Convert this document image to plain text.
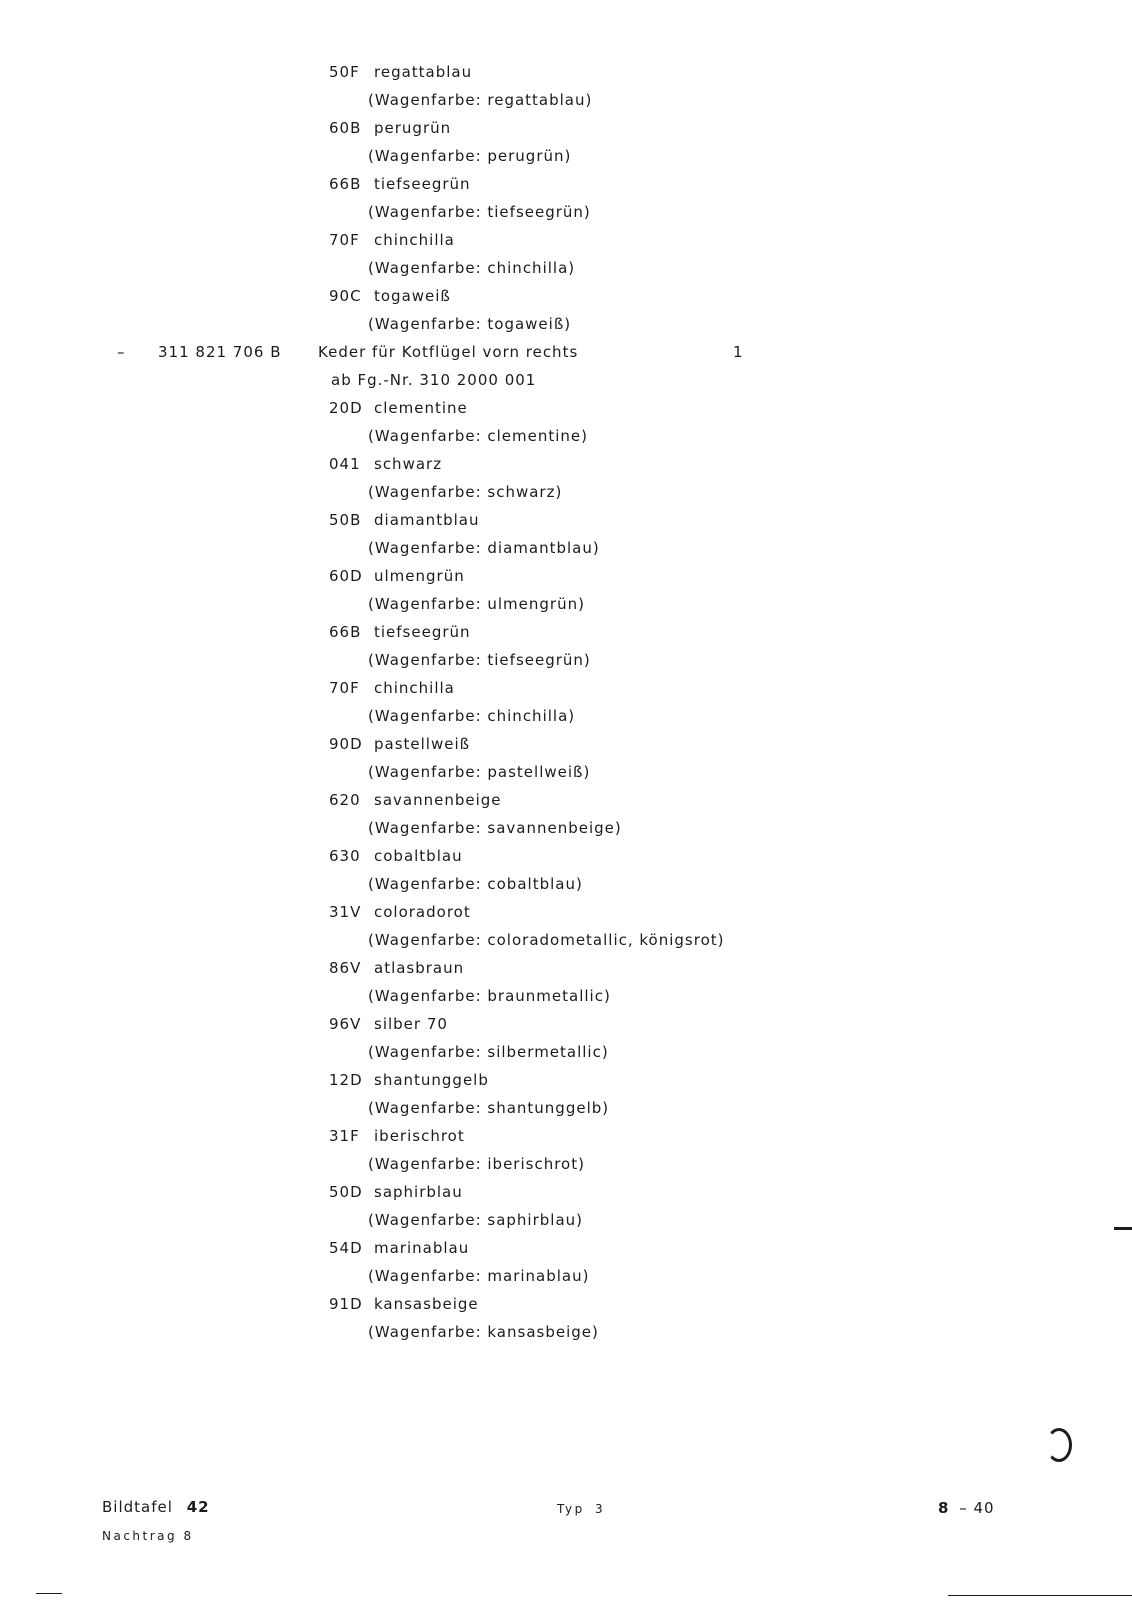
50F regattablau
(Wagenfarbe: regattablau)
60B perugrün
(Wagenfarbe: perugrün)
66B tiefseegrün
(Wagenfarbe: tiefseegrün)
70F chinchilla
(Wagenfarbe: chinchilla)
90C togaweiß
(Wagenfarbe: togaweiß)
20D clementine
(Wagenfarbe: clementine)
041 schwarz
(Wagenfarbe: schwarz)
50B diamantblau
(Wagenfarbe: diamantblau)
60D ulmengrün
(Wagenfarbe: ulmengrün)
66B tiefseegrün
(Wagenfarbe: tiefseegrün)
70F chinchilla
(Wagenfarbe: chinchilla)
90D pastellweiß
(Wagenfarbe: pastellweiß)
620 savannenbeige
(Wagenfarbe: savannenbeige)
630 cobaltblau
(Wagenfarbe: cobaltblau)
31V coloradorot
(Wagenfarbe: coloradometallic, königsrot)
86V atlasbraun
(Wagenfarbe: braunmetallic)
96V silber 70
(Wagenfarbe: silbermetallic)
12D shantunggelb
(Wagenfarbe: shantunggelb)
31F iberischrot
(Wagenfarbe: iberischrot)
50D saphirblau
(Wagenfarbe: saphirblau)
54D marinablau
(Wagenfarbe: marinablau)
91D kansasbeige
(Wagenfarbe: kansasbeige)
– 311 821 706 B Keder für Kotflügel vorn rechts	1
ab Fg.-Nr. 310 2000 001
Bildtafel 42
Nachtrag 8
Typ 3	8 – 40
